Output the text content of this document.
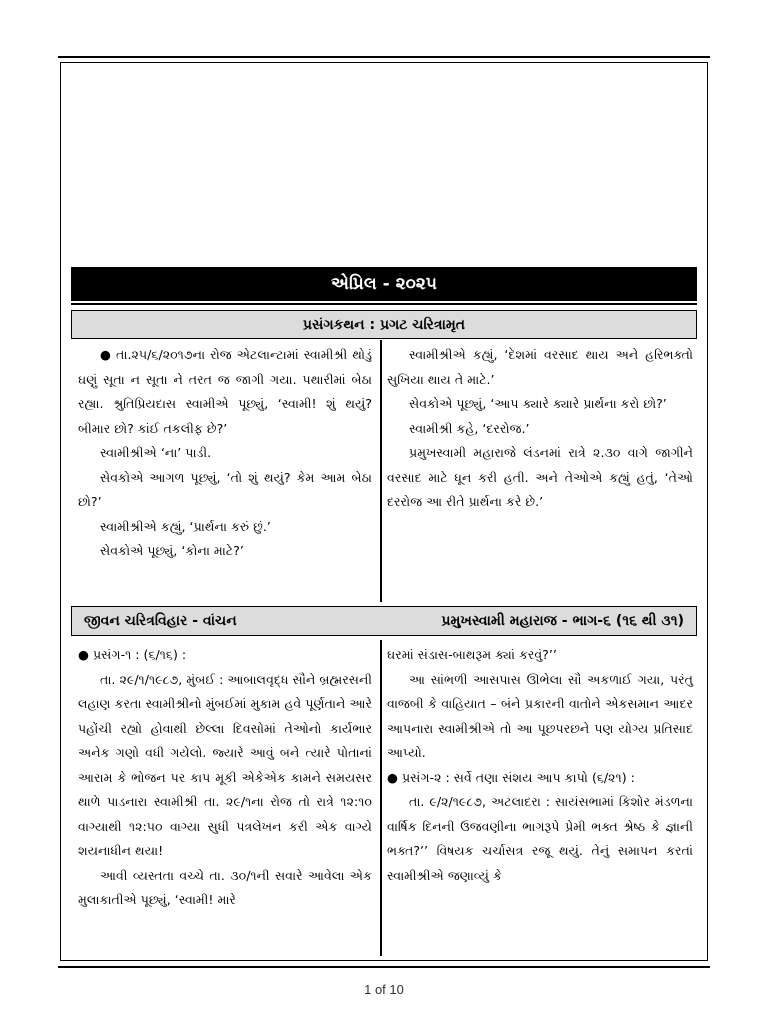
એપ્રિલ - ૨૦૨૫
પ્રસંગકથન : પ્રગટ ચરિત્રામૃત

● તા.૨૫/૬/૨૦૧૭ના રોજ એટલાન્ટામાં સ્વામીશ્રી થોડું ઘણું સૂતા ન સૂતા ને તરત જ જાગી ગયા. પથારીમાં બેઠા રહ્યા. શ્રુતિપ્રિયદાસ સ્વામીએ પૂછ્યું, ‘સ્વામી! શું થયું? બીમાર છો? કાંઈ તકલીફ છે?’

સ્વામીશ્રીએ ‘ના’ પાડી.

સેવકોએ આગળ પૂછ્યું, ‘તો શું થયું? કેમ આમ બેઠા છો?’

સ્વામીશ્રીએ કહ્યું, ‘પ્રાર્થના કરું છું.’

સેવકોએ પૂછ્યું, ‘કોના માટે?’

સ્વામીશ્રીએ કહ્યું, ‘દેશમાં વરસાદ થાય અને હરિભક્તો સુખિયા થાય તે માટે.’

સેવકોએ પૂછ્યું, ‘આપ ક્યારે ક્યારે પ્રાર્થના કરો છો?’

સ્વામીશ્રી કહે, ‘દરરોજ.’

પ્રમુખસ્વામી મહારાજે લંડનમાં રાત્રે ૨.૩૦ વાગે જાગીને વરસાદ માટે ધૂન કરી હતી. અને તેઓએ કહ્યું હતું, ‘તેઓ દરરોજ આ રીતે પ્રાર્થના કરે છે.’

જીવન ચરિત્રવિહાર - વાંચન	પ્રમુખસ્વામી મહારાજ - ભાગ-૬ (૧૬ થી ૩૧)

● પ્રસંગ-૧ : (૬/૧૬) :

તા. ૨૯/૧/૧૯૮૭, મુંબઈ : આબાલવૃદ્ધ સૌને બ્રહ્મરસની લહાણ કરતા સ્વામીશ્રીનો મુંબઈમાં મુકામ હવે પૂર્ણતાને આરે પહોંચી રહ્યો હોવાથી છેલ્લા દિવસોમાં તેઓનો કાર્યભાર અનેક ગણો વધી ગયેલો. જ્યારે આવું બને ત્યારે પોતાનાં આરામ કે ભોજન પર કાપ મૂકી એકેએક કામને સમયસર થાળે પાડનારા સ્વામીશ્રી તા. ૨૯/૧ના રોજ તો રાત્રે ૧૨:૧૦ વાગ્યાથી ૧૨:૫૦ વાગ્યા સુધી પત્રલેખન કરી એક વાગ્યે શયનાધીન થયા!

આવી વ્યસ્તતા વચ્ચે તા. ૩૦/૧ની સવારે આવેલા એક મુલાકાતીએ પૂછ્યું, ‘સ્વામી! મારે

ઘરમાં સંડાસ-બાથરૂમ ક્યાં કરવું?’’

આ સાંભળી આસપાસ ઊભેલા સૌ અકળાઈ ગયા, પરંતુ વાજબી કે વાહિયાત – બંને પ્રકારની વાતોને એકસમાન આદર આપનારા સ્વામીશ્રીએ તો આ પૂછપરછને પણ યોગ્ય પ્રતિસાદ આપ્યો.

● પ્રસંગ-૨ : સર્વે તણા સંશય આપ કાપો (૬/૨૧) :

તા. ૯/૨/૧૯૮૭, અટલાદરા : સાયંસભામાં કિશોર મંડળના વાર્ષિક દિનની ઉજવણીના ભાગરૂપે પ્રેમી ભક્ત શ્રેષ્ઠ કે જ્ઞાની ભક્ત?’’ વિષયક ચર્ચાસત્ર રજૂ થયું. તેનું સમાપન કરતાં સ્વામીશ્રીએ જણાવ્યું કે

1 of 10
